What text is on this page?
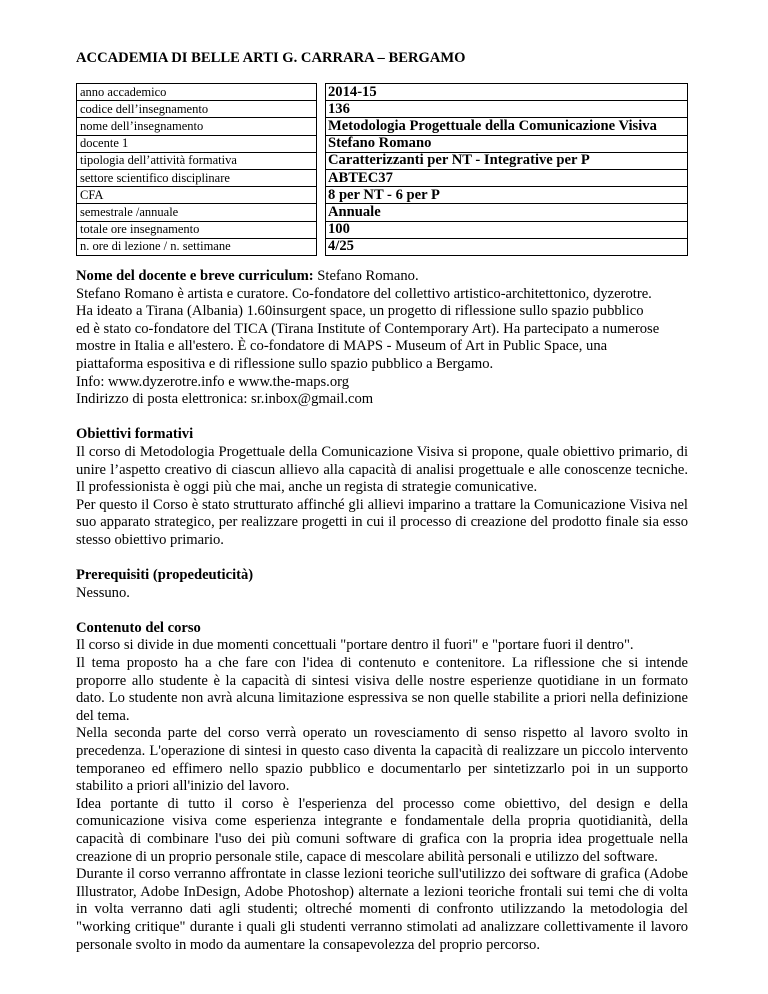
ACCADEMIA DI BELLE ARTI G. CARRARA – BERGAMO

anno accademico		2014-15
codice dell’insegnamento		136
nome dell’insegnamento		Metodologia Progettuale della Comunicazione Visiva
docente 1		Stefano Romano
tipologia dell’attività formativa		Caratterizzanti per NT - Integrative per P
settore scientifico disciplinare		ABTEC37
CFA		8 per NT - 6 per P
semestrale /annuale		Annuale
totale ore insegnamento		100
n. ore di lezione / n. settimane		4/25

Nome del docente e breve curriculum: Stefano Romano.

Stefano Romano è artista e curatore. Co-fondatore del collettivo artistico-architettonico, dyzerotre.

Ha ideato a Tirana (Albania) 1.60insurgent space, un progetto di riflessione sullo spazio pubblico

ed è stato co-fondatore del TICA (Tirana Institute of Contemporary Art). Ha partecipato a numerose

mostre in Italia e all'estero. È co-fondatore di MAPS - Museum of Art in Public Space, una

piattaforma espositiva e di riflessione sullo spazio pubblico a Bergamo.

Info: www.dyzerotre.info e www.the-maps.org

Indirizzo di posta elettronica: sr.inbox@gmail.com

Obiettivi formativi

Il corso di Metodologia Progettuale della Comunicazione Visiva si propone, quale obiettivo primario, di unire l’aspetto creativo di ciascun allievo alla capacità di analisi progettuale e alle conoscenze tecniche. Il professionista è oggi più che mai, anche un regista di strategie comunicative.

Per questo il Corso è stato strutturato affinché gli allievi imparino a trattare la Comunicazione Visiva nel suo apparato strategico, per realizzare progetti in cui il processo di creazione del prodotto finale sia esso stesso obiettivo primario.

Prerequisiti (propedeuticità)

Nessuno.

Contenuto del corso

Il corso si divide in due momenti concettuali "portare dentro il fuori" e "portare fuori il dentro".

Il tema proposto ha a che fare con l'idea di contenuto e contenitore. La riflessione che si intende proporre allo studente è la capacità di sintesi visiva delle nostre esperienze quotidiane in un formato dato. Lo studente non avrà alcuna limitazione espressiva se non quelle stabilite a priori nella definizione del tema.

Nella seconda parte del corso verrà operato un rovesciamento di senso rispetto al lavoro svolto in precedenza. L'operazione di sintesi in questo caso diventa la capacità di realizzare un piccolo intervento temporaneo ed effimero nello spazio pubblico e documentarlo per sintetizzarlo poi in un supporto stabilito a priori all'inizio del lavoro.

Idea portante di tutto il corso è l'esperienza del processo come obiettivo, del design e della comunicazione visiva come esperienza integrante e fondamentale della propria quotidianità, della capacità di combinare l'uso dei più comuni software di grafica con la propria idea progettuale nella creazione di un proprio personale stile, capace di mescolare abilità personali e utilizzo del software.

Durante il corso verranno affrontate in classe lezioni teoriche sull'utilizzo dei software di grafica (Adobe Illustrator, Adobe InDesign, Adobe Photoshop) alternate a lezioni teoriche frontali sui temi che di volta in volta verranno dati agli studenti; oltreché momenti di confronto utilizzando la metodologia del "working critique" durante i quali gli studenti verranno stimolati ad analizzare collettivamente il lavoro personale svolto in modo da aumentare la consapevolezza del proprio percorso.
